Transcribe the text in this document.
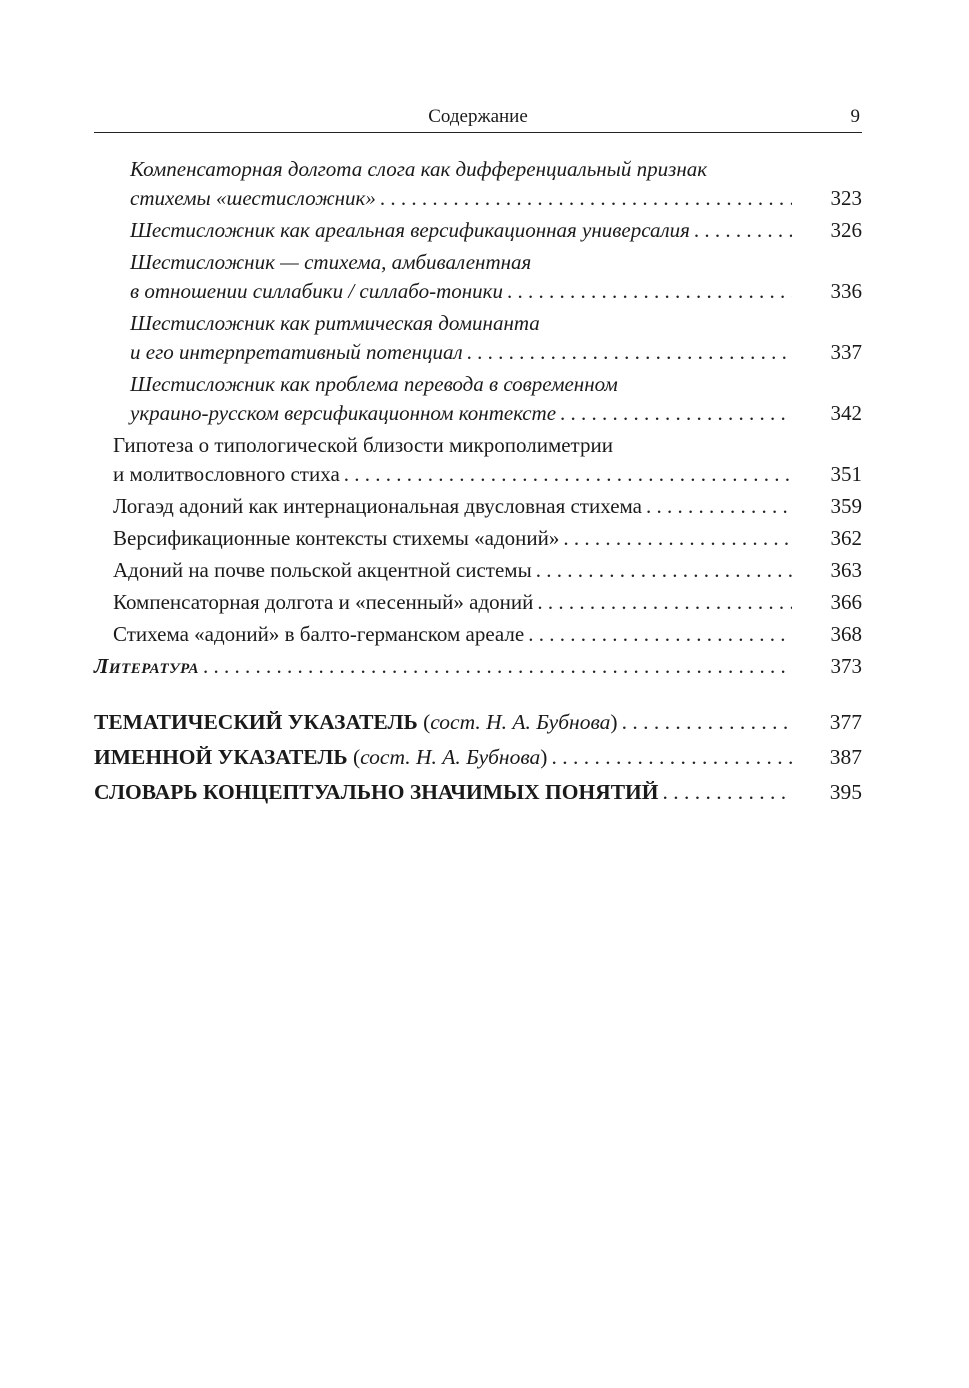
Содержание	9
Компенсаторная долгота слога как дифференциальный признак
стихемы «шестисложник» . . .	323
Шестисложник как ареальная версификационная универсалия . . .	326
Шестисложник — стихема, амбивалентная
в отношении силлабики / силлабо-тоники . . .	336
Шестисложник как ритмическая доминанта
и его интерпретативный потенциал . . .	337
Шестисложник как проблема перевода в современном
украино-русском версификационном контексте . . .	342
Гипотеза о типологической близости микрополиметрии
и молитвословного стиха . . .	351
Логаэд адоний как интернациональная двусловная стихема . . .	359
Версификационные контексты стихемы «адоний» . . .	362
Адоний на почве польской акцентной системы . . .	363
Компенсаторная долгота и «песенный» адоний . . .	366
Стихема «адоний» в балто-германском ареале . . .	368
Литература . . .	373
ТЕМАТИЧЕСКИЙ УКАЗАТЕЛЬ (сост. Н. А. Бубнова) . . .	377
ИМЕННОЙ УКАЗАТЕЛЬ (сост. Н. А. Бубнова) . . .	387
СЛОВАРЬ КОНЦЕПТУАЛЬНО ЗНАЧИМЫХ ПОНЯТИЙ . . .	395
